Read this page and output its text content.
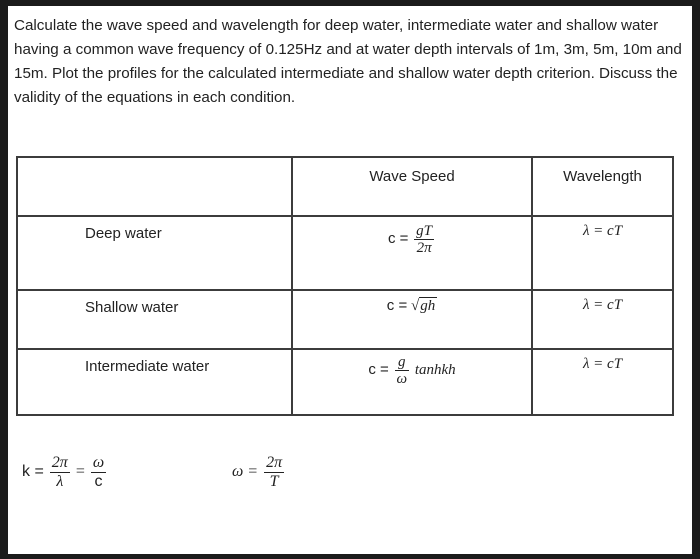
Calculate the wave speed and wavelength for deep water, intermediate water and shallow water having a common wave frequency of 0.125Hz and at water depth intervals of 1m, 3m, 5m, 10m and 15m. Plot the profiles for the calculated intermediate and shallow water depth criterion. Discuss the validity of the equations in each condition.

	Wave Speed	Wavelength

Deep water	$c = \frac{gT}{2\pi}$	λ = cT

Shallow water	c = √gh	λ = cT

Intermediate water	$c = \frac{g}{\omega}$ tanhkh	λ = cT
$k = \frac{2\pi}{\lambda} = \frac{\omega}{c}$	$\omega = \frac{2\pi}{T}$
